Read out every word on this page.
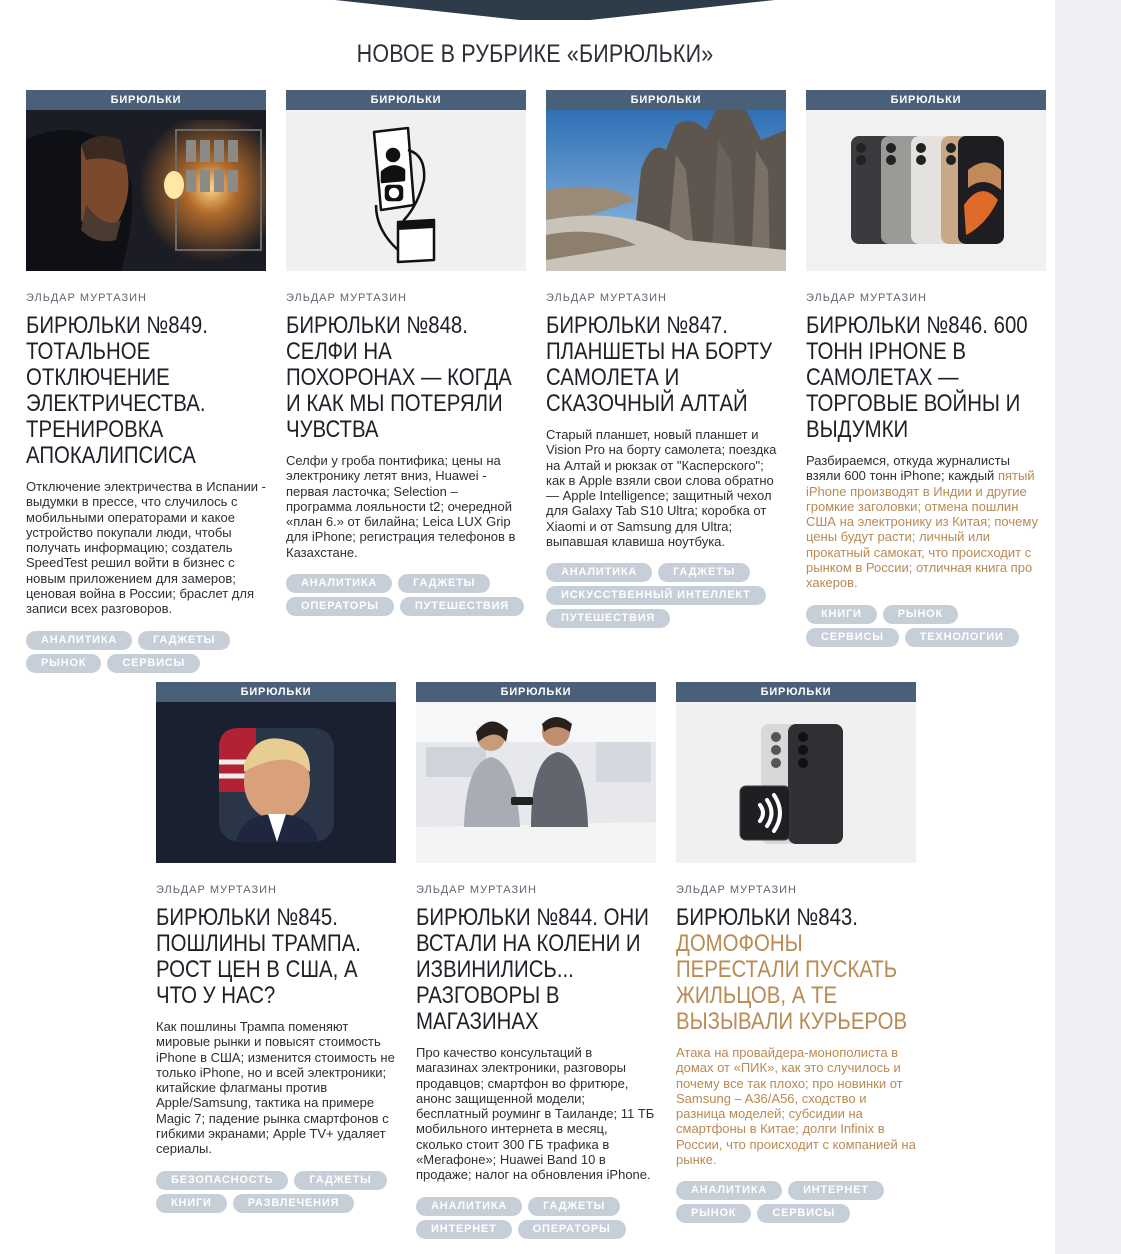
НОВОЕ В РУБРИКЕ «БИРЮЛЬКИ»
БИРЮЛЬКИ
ЭЛЬДАР МУРТАЗИН
БИРЮЛЬКИ №849. ТОТАЛЬНОЕ ОТКЛЮЧЕНИЕ ЭЛЕКТРИЧЕСТВА. ТРЕНИРОВКА АПОКАЛИПСИСА
Отключение электричества в Испании - выдумки в прессе, что случилось с мобильными операторами и какое устройство покупали люди, чтобы получать информацию; создатель SpeedTest решил войти в бизнес с новым приложением для замеров; ценовая война в России; браслет для записи всех разговоров.
АНАЛИТИКА	ГАДЖЕТЫ
РЫНОК	СЕРВИСЫ
БИРЮЛЬКИ
ЭЛЬДАР МУРТАЗИН
БИРЮЛЬКИ №848. СЕЛФИ НА ПОХОРОНАХ — КОГДА И КАК МЫ ПОТЕРЯЛИ ЧУВСТВА
Селфи у гроба понтифика; цены на электронику летят вниз, Huawei - первая ласточка; Selection – программа лояльности t2; очередной «план 6.» от билайна; Leica LUX Grip для iPhone; регистрация телефонов в Казахстане.
АНАЛИТИКА	ГАДЖЕТЫ
ОПЕРАТОРЫ	ПУТЕШЕСТВИЯ
БИРЮЛЬКИ
ЭЛЬДАР МУРТАЗИН
БИРЮЛЬКИ №847. ПЛАНШЕТЫ НА БОРТУ САМОЛЕТА И СКАЗОЧНЫЙ АЛТАЙ
Старый планшет, новый планшет и Vision Pro на борту самолета; поездка на Алтай и рюкзак от "Касперского"; как в Apple взяли свои слова обратно — Apple Intelligence; защитный чехол для Galaxy Tab S10 Ultra; коробка от Xiaomi и от Samsung для Ultra; выпавшая клавиша ноутбука.
АНАЛИТИКА	ГАДЖЕТЫ
ИСКУССТВЕННЫЙ ИНТЕЛЛЕКТ
ПУТЕШЕСТВИЯ
БИРЮЛЬКИ
ЭЛЬДАР МУРТАЗИН
БИРЮЛЬКИ №846. 600 ТОНН IPHONE В САМОЛЕТАХ — ТОРГОВЫЕ ВОЙНЫ И ВЫДУМКИ
Разбираемся, откуда журналисты взяли 600 тонн iPhone; каждый пятый iPhone производят в Индии и другие громкие заголовки; отмена пошлин США на электронику из Китая; почему цены будут расти; личный или прокатный самокат, что происходит с рынком в России; отличная книга про хакеров.
КНИГИ	РЫНОК
СЕРВИСЫ	ТЕХНОЛОГИИ
БИРЮЛЬКИ
ЭЛЬДАР МУРТАЗИН
БИРЮЛЬКИ №845. ПОШЛИНЫ ТРАМПА. РОСТ ЦЕН В США, А ЧТО У НАС?
Как пошлины Трампа поменяют мировые рынки и повысят стоимость iPhone в США; изменится стоимость не только iPhone, но и всей электроники; китайские флагманы против Apple/Samsung, тактика на примере Magic 7; падение рынка смартфонов с гибкими экранами; Apple TV+ удаляет сериалы.
БЕЗОПАСНОСТЬ	ГАДЖЕТЫ
КНИГИ	РАЗВЛЕЧЕНИЯ
БИРЮЛЬКИ
ЭЛЬДАР МУРТАЗИН
БИРЮЛЬКИ №844. ОНИ ВСТАЛИ НА КОЛЕНИ И ИЗВИНИЛИСЬ... РАЗГОВОРЫ В МАГАЗИНАХ
Про качество консультаций в магазинах электроники, разговоры продавцов; смартфон во фритюре, анонс защищенной модели; бесплатный роуминг в Таиланде; 11 ТБ мобильного интернета в месяц, сколько стоит 300 ГБ трафика в «Мегафоне»; Huawei Band 10 в продаже; налог на обновления iPhone.
АНАЛИТИКА	ГАДЖЕТЫ
ИНТЕРНЕТ	ОПЕРАТОРЫ
БИРЮЛЬКИ
ЭЛЬДАР МУРТАЗИН
БИРЮЛЬКИ №843.
ДОМОФОНЫ ПЕРЕСТАЛИ ПУСКАТЬ ЖИЛЬЦОВ, А ТЕ ВЫЗЫВАЛИ КУРЬЕРОВ
Атака на провайдера-монополиста в домах от «ПИК», как это случилось и почему все так плохо; про новинки от Samsung – A36/A56, сходство и разница моделей; субсидии на смартфоны в Китае; долги Infinix в России, что происходит с компанией на рынке.
АНАЛИТИКА	ИНТЕРНЕТ
РЫНОК	СЕРВИСЫ
